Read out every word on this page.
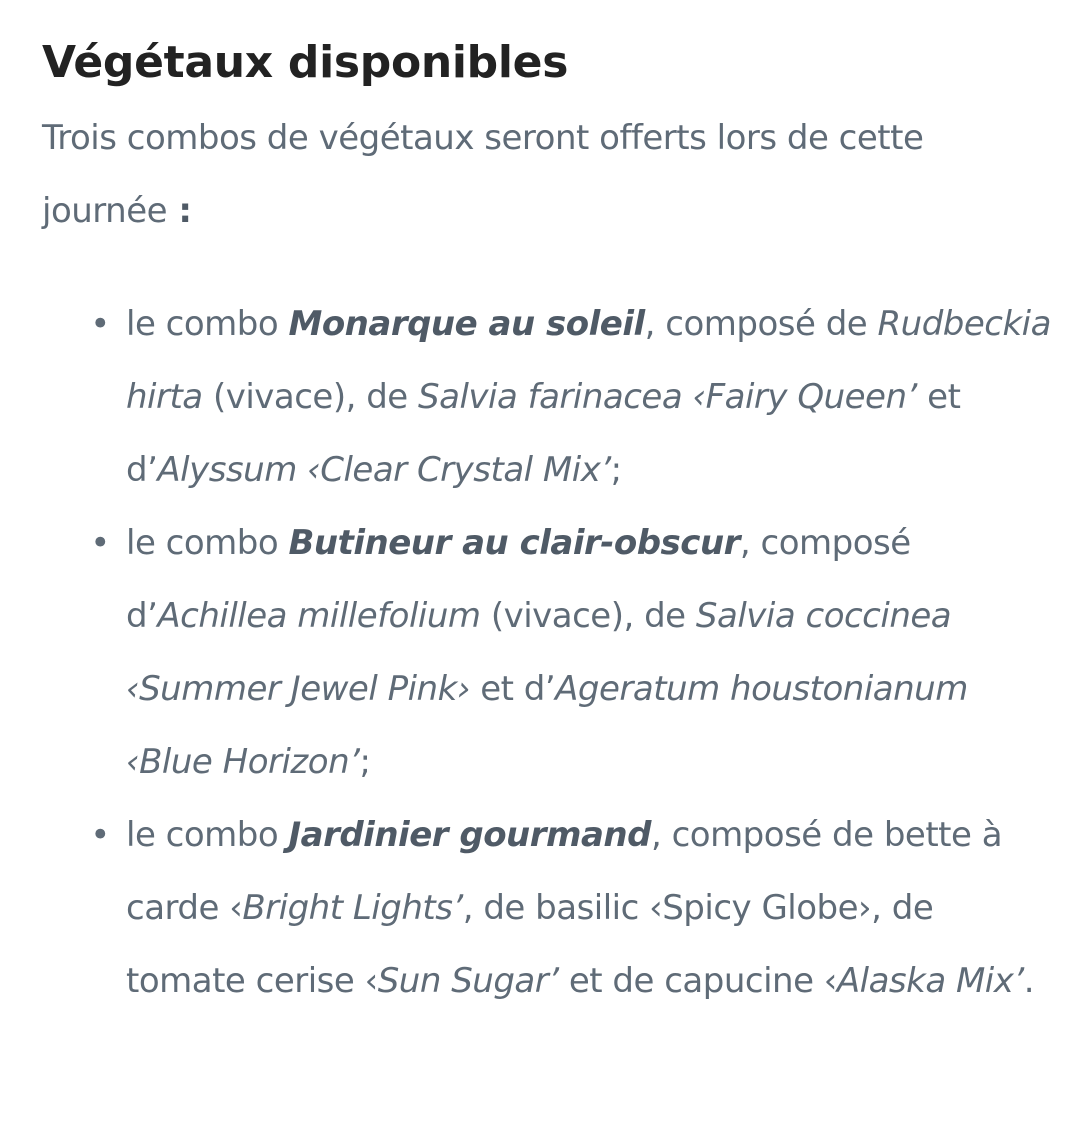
Végétaux disponibles

Trois combos de végétaux seront offerts lors de cette journée :

• le combo Monarque au soleil, composé de Rudbeckia hirta (vivace), de Salvia farinacea ‹Fairy Queen’ et d’Alyssum ‹Clear Crystal Mix’;
• le combo Butineur au clair-obscur, composé d’Achillea millefolium (vivace), de Salvia coccinea ‹Summer Jewel Pink› et d’Ageratum houstonianum ‹Blue Horizon’;
• le combo Jardinier gourmand, composé de bette à carde ‹Bright Lights’, de basilic ‹Spicy Globe›, de tomate cerise ‹Sun Sugar’ et de capucine ‹Alaska Mix’.
